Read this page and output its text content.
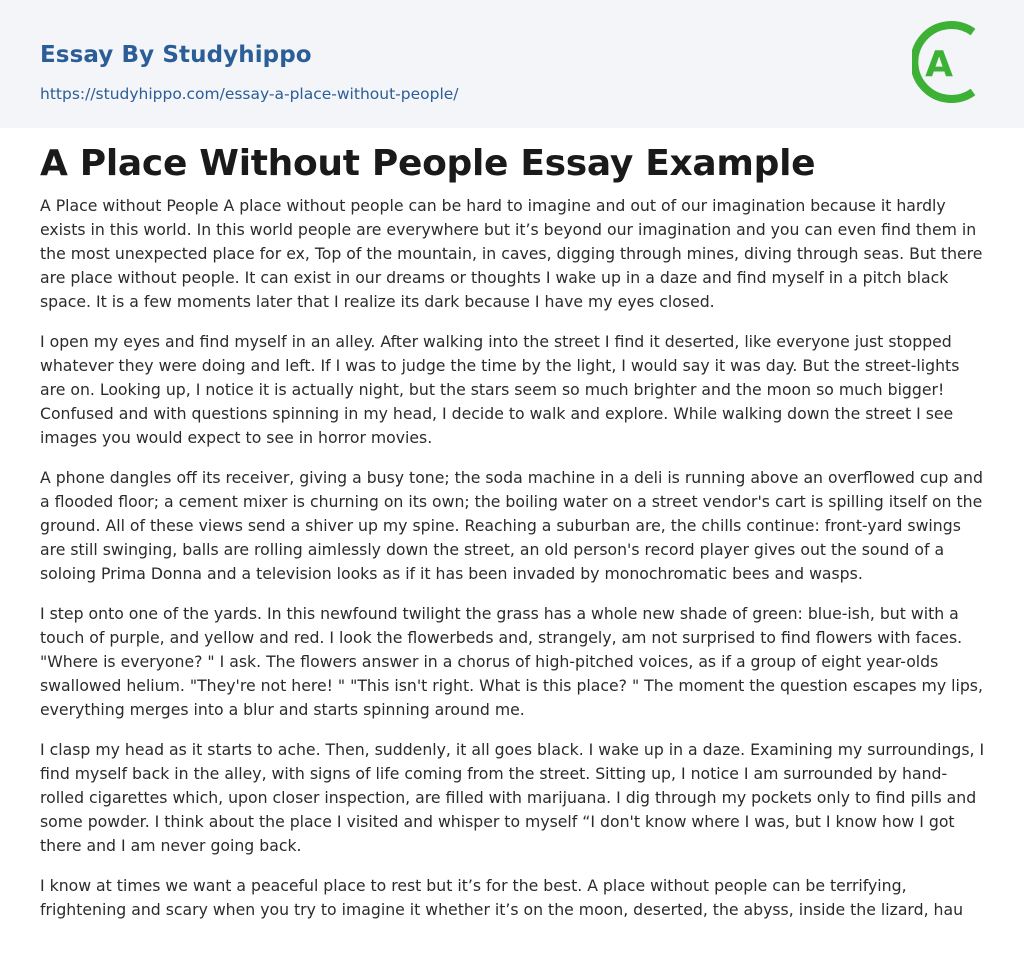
Essay By Studyhippo
https://studyhippo.com/essay-a-place-without-people/
A
A Place Without People Essay Example

A Place without People A place without people can be hard to imagine and out of our imagination because it hardly exists in this world. In this world people are everywhere but it’s beyond our imagination and you can even find them in the most unexpected place for ex, Top of the mountain, in caves, digging through mines, diving through seas. But there are place without people. It can exist in our dreams or thoughts I wake up in a daze and find myself in a pitch black space. It is a few moments later that I realize its dark because I have my eyes closed.

I open my eyes and find myself in an alley. After walking into the street I find it deserted, like everyone just stopped whatever they were doing and left. If I was to judge the time by the light, I would say it was day. But the street-lights are on. Looking up, I notice it is actually night, but the stars seem so much brighter and the moon so much bigger! Confused and with questions spinning in my head, I decide to walk and explore. While walking down the street I see images you would expect to see in horror movies.

A phone dangles off its receiver, giving a busy tone; the soda machine in a deli is running above an overflowed cup and a flooded floor; a cement mixer is churning on its own; the boiling water on a street vendor's cart is spilling itself on the ground. All of these views send a shiver up my spine. Reaching a suburban are, the chills continue: front-yard swings are still swinging, balls are rolling aimlessly down the street, an old person's record player gives out the sound of a soloing Prima Donna and a television looks as if it has been invaded by monochromatic bees and wasps.

I step onto one of the yards. In this newfound twilight the grass has a whole new shade of green: blue-ish, but with a touch of purple, and yellow and red. I look the flowerbeds and, strangely, am not surprised to find flowers with faces. "Where is everyone? " I ask. The flowers answer in a chorus of high-pitched voices, as if a group of eight year-olds swallowed helium. "They're not here! " "This isn't right. What is this place? " The moment the question escapes my lips, everything merges into a blur and starts spinning around me.

I clasp my head as it starts to ache. Then, suddenly, it all goes black. I wake up in a daze. Examining my surroundings, I find myself back in the alley, with signs of life coming from the street. Sitting up, I notice I am surrounded by hand-rolled cigarettes which, upon closer inspection, are filled with marijuana. I dig through my pockets only to find pills and some powder. I think about the place I visited and whisper to myself “I don't know where I was, but I know how I got there and I am never going back.

I know at times we want a peaceful place to rest but it’s for the best. A place without people can be terrifying, frightening and scary when you try to imagine it whether it’s on the moon, deserted, the abyss, inside the lizard, hau
